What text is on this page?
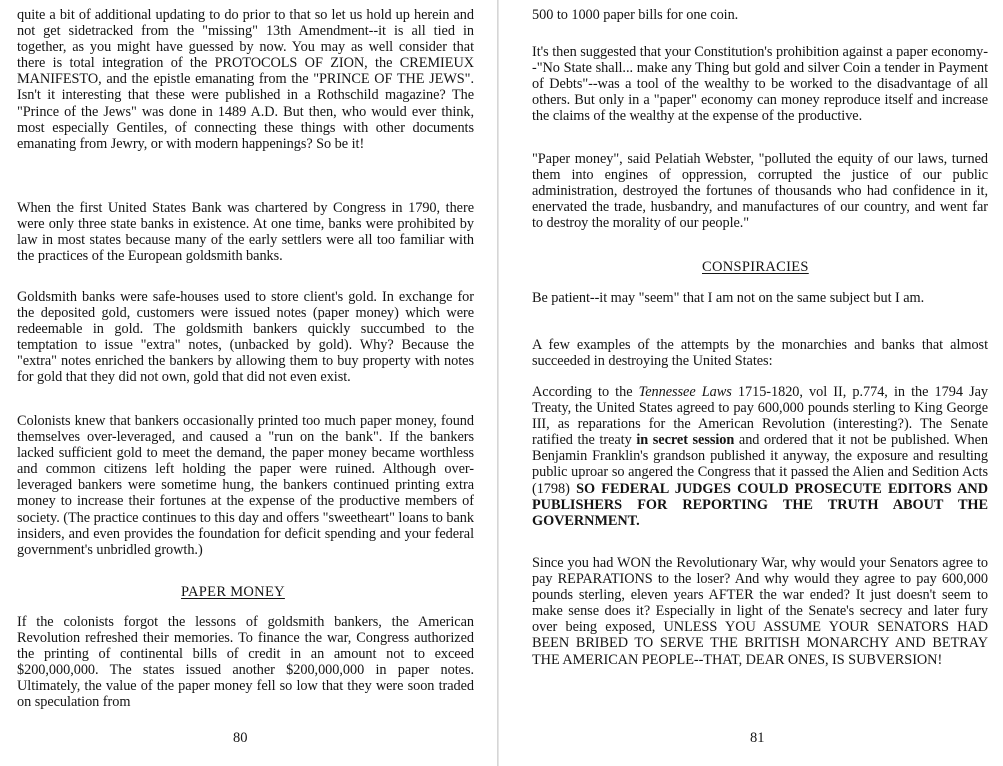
quite a bit of additional updating to do prior to that so let us hold up herein and not get sidetracked from the "missing" 13th Amendment--it is all tied in together, as you might have guessed by now. You may as well consider that there is total integration of the PROTOCOLS OF ZION, the CREMIEUX MANIFESTO, and the epistle emanating from the "PRINCE OF THE JEWS". Isn't it interesting that these were published in a Rothschild magazine? The "Prince of the Jews" was done in 1489 A.D. But then, who would ever think, most especially Gentiles, of connecting these things with other documents emanating from Jewry, or with modern happenings? So be it!
When the first United States Bank was chartered by Congress in 1790, there were only three state banks in existence. At one time, banks were prohibited by law in most states because many of the early settlers were all too familiar with the practices of the European goldsmith banks.
Goldsmith banks were safe-houses used to store client's gold. In exchange for the deposited gold, customers were issued notes (paper money) which were redeemable in gold. The goldsmith bankers quickly succumbed to the temptation to issue "extra" notes, (unbacked by gold). Why? Because the "extra" notes enriched the bankers by allowing them to buy property with notes for gold that they did not own, gold that did not even exist.
Colonists knew that bankers occasionally printed too much paper money, found themselves over-leveraged, and caused a "run on the bank". If the bankers lacked sufficient gold to meet the demand, the paper money became worthless and common citizens left holding the paper were ruined. Although over-leveraged bankers were sometime hung, the bankers continued printing extra money to increase their fortunes at the expense of the productive members of society. (The practice continues to this day and offers "sweetheart" loans to bank insiders, and even provides the foundation for deficit spending and your federal government's unbridled growth.)
PAPER MONEY
If the colonists forgot the lessons of goldsmith bankers, the American Revolution refreshed their memories. To finance the war, Congress authorized the printing of continental bills of credit in an amount not to exceed $200,000,000. The states issued another $200,000,000 in paper notes. Ultimately, the value of the paper money fell so low that they were soon traded on speculation from
80
500 to 1000 paper bills for one coin.
It's then suggested that your Constitution's prohibition against a paper economy--"No State shall... make any Thing but gold and silver Coin a tender in Payment of Debts"--was a tool of the wealthy to be worked to the disadvantage of all others. But only in a "paper" economy can money reproduce itself and increase the claims of the wealthy at the expense of the productive.
"Paper money", said Pelatiah Webster, "polluted the equity of our laws, turned them into engines of oppression, corrupted the justice of our public administration, destroyed the fortunes of thousands who had confidence in it, enervated the trade, husbandry, and manufactures of our country, and went far to destroy the morality of our people."
CONSPIRACIES
Be patient--it may "seem" that I am not on the same subject but I am.
A few examples of the attempts by the monarchies and banks that almost succeeded in destroying the United States:
According to the Tennessee Laws 1715-1820, vol II, p.774, in the 1794 Jay Treaty, the United States agreed to pay 600,000 pounds sterling to King George III, as reparations for the American Revolution (interesting?). The Senate ratified the treaty in secret session and ordered that it not be published. When Benjamin Franklin's grandson published it anyway, the exposure and resulting public uproar so angered the Congress that it passed the Alien and Sedition Acts (1798) SO FEDERAL JUDGES COULD PROSECUTE EDITORS AND PUBLISHERS FOR REPORTING THE TRUTH ABOUT THE GOVERNMENT.
Since you had WON the Revolutionary War, why would your Senators agree to pay REPARATIONS to the loser? And why would they agree to pay 600,000 pounds sterling, eleven years AFTER the war ended? It just doesn't seem to make sense does it? Especially in light of the Senate's secrecy and later fury over being exposed, UNLESS YOU ASSUME YOUR SENATORS HAD BEEN BRIBED TO SERVE THE BRITISH MONARCHY AND BETRAY THE AMERICAN PEOPLE--THAT, DEAR ONES, IS SUBVERSION!
81
